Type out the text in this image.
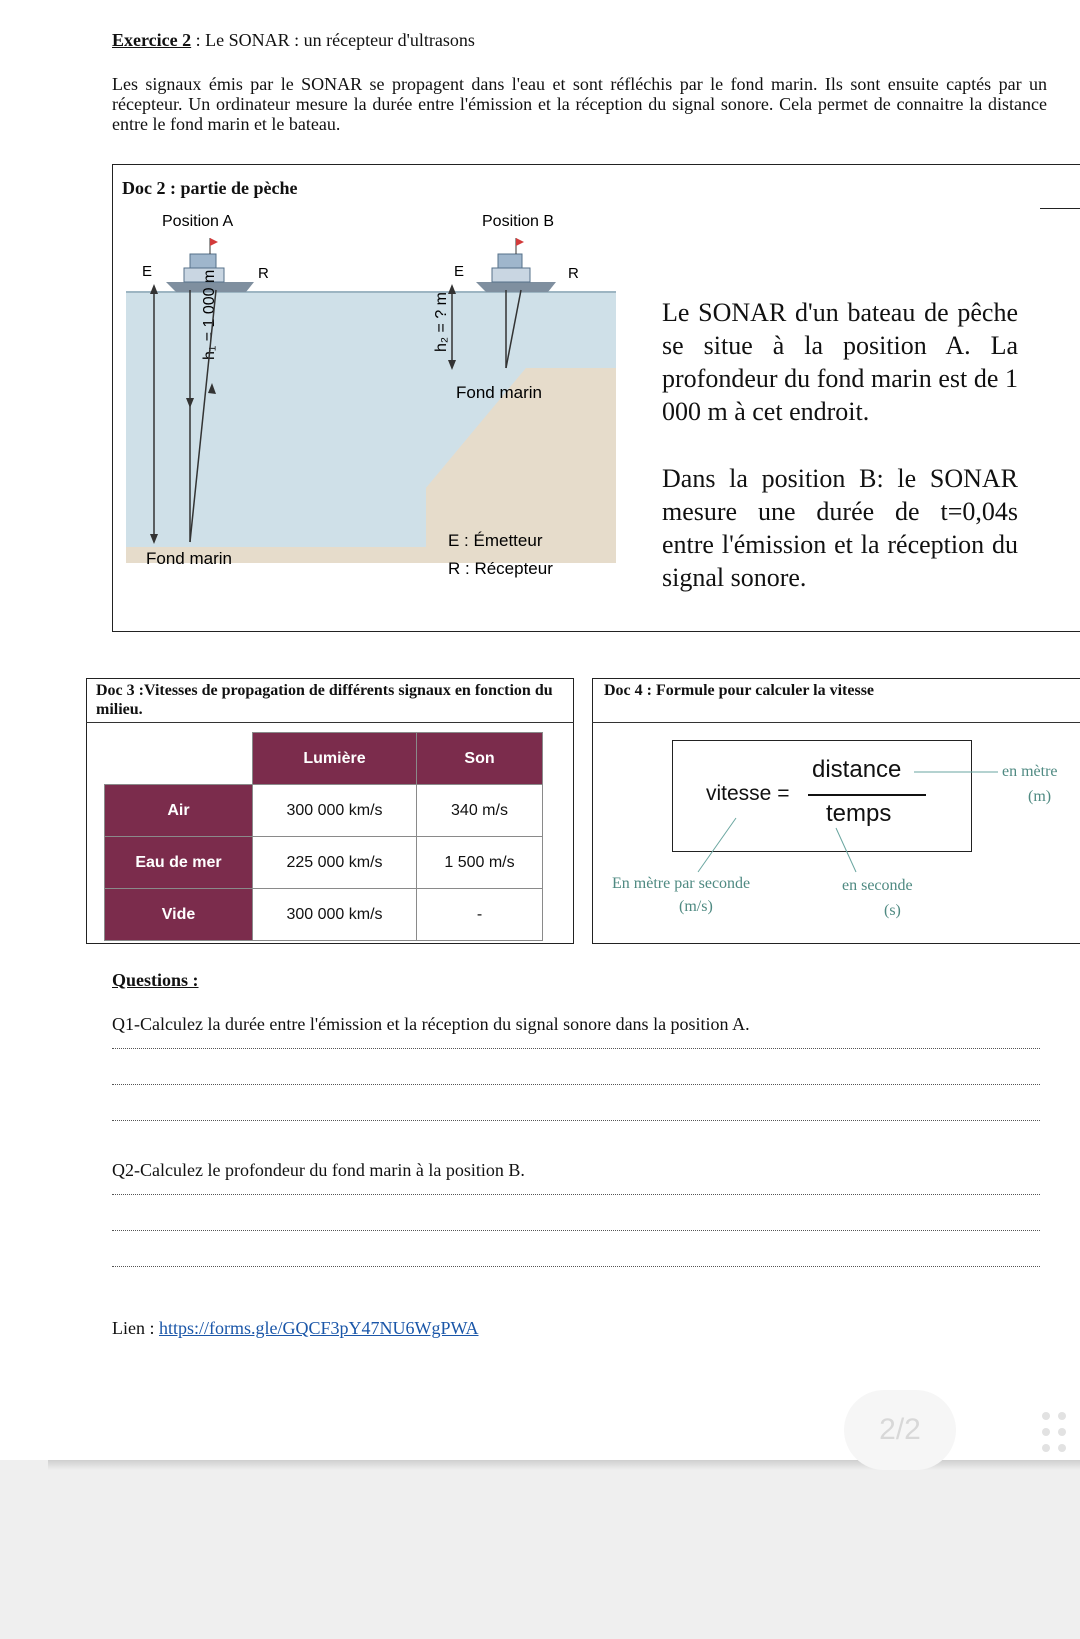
Exercice 2 : Le SONAR : un récepteur d'ultrasons
Les signaux émis par le SONAR se propagent dans l'eau et sont réfléchis par le fond marin. Ils sont ensuite captés par un récepteur. Un ordinateur mesure la durée entre l'émission et la réception du signal sonore. Cela permet de connaitre la distance entre le fond marin et le bateau.
Doc 2 : partie de pèche
h₁ = 1 000 m
Position A
E	R
Fond marin
Position B
E	R
h₂ = ? m
Fond marin
E : Émetteur
R : Récepteur

Le SONAR d'un bateau de pêche se situe à la position A. La profondeur du fond marin est de 1 000 m à cet endroit.

Dans la position B: le SONAR mesure une durée de t=0,04s entre l'émission et la réception du signal sonore.

Doc 3 :Vitesses de propagation de différents signaux en fonction du milieu.
	Lumière	Son
Air	300 000 km/s	340 m/s
Eau de mer	225 000 km/s	1 500 m/s
Vide	300 000 km/s	-
Doc 4 : Formule pour calculer la vitesse
vitesse =
distance
temps
en mètre
(m)
En mètre par seconde
(m/s)
en seconde
(s)
Questions :
Q1-Calculez la durée entre l'émission et la réception du signal sonore dans la position A.
Q2-Calculez le profondeur du fond marin à la position B.
Lien : https://forms.gle/GQCF3pY47NU6WgPWA
2/2
